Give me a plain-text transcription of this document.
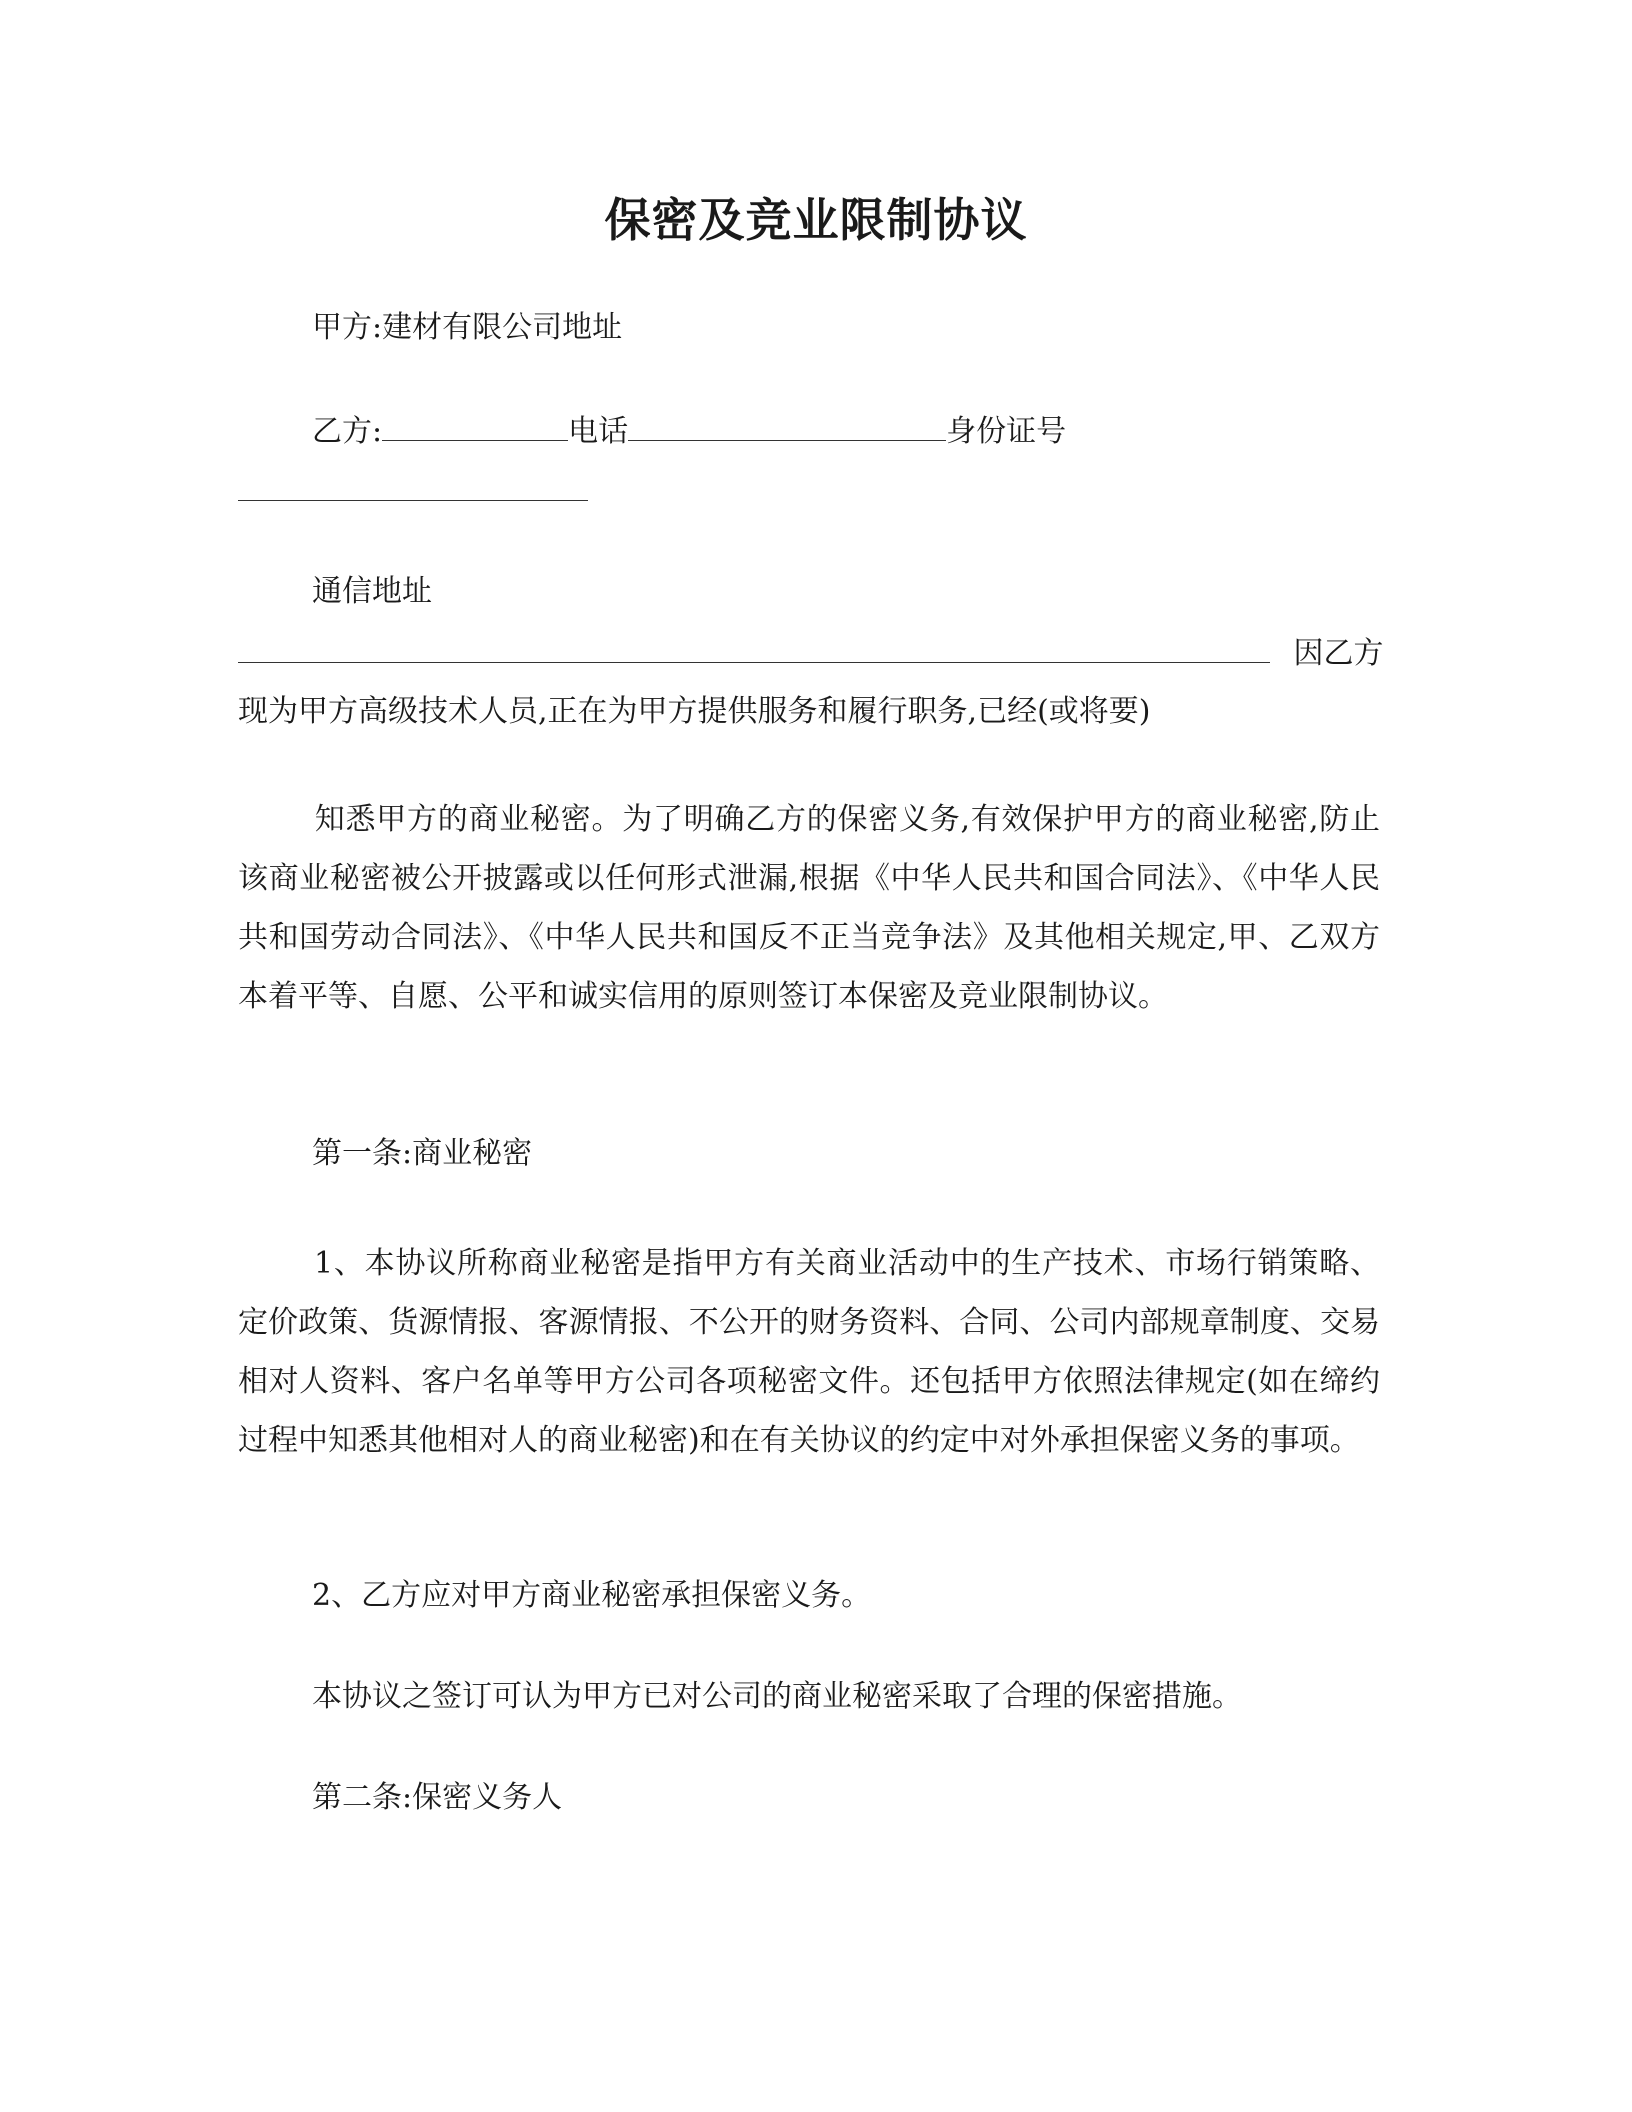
保密及竞业限制协议
甲方:建材有限公司地址
乙方:	电话	身份证号
通信地址
因乙方
现为甲方高级技术人员,正在为甲方提供服务和履行职务,已经(或将要)
知悉甲方的商业秘密。为了明确乙方的保密义务,有效保护甲方的商业秘密,防止该商业秘密被公开披露或以任何形式泄漏,根据《中华人民共和国合同法》、《中华人民共和国劳动合同法》、《中华人民共和国反不正当竞争法》及其他相关规定,甲、乙双方本着平等、自愿、公平和诚实信用的原则签订本保密及竞业限制协议。
第一条:商业秘密
1、本协议所称商业秘密是指甲方有关商业活动中的生产技术、市场行销策略、定价政策、货源情报、客源情报、不公开的财务资料、合同、公司内部规章制度、交易相对人资料、客户名单等甲方公司各项秘密文件。还包括甲方依照法律规定(如在缔约过程中知悉其他相对人的商业秘密)和在有关协议的约定中对外承担保密义务的事项。
2、乙方应对甲方商业秘密承担保密义务。
本协议之签订可认为甲方已对公司的商业秘密采取了合理的保密措施。
第二条:保密义务人
